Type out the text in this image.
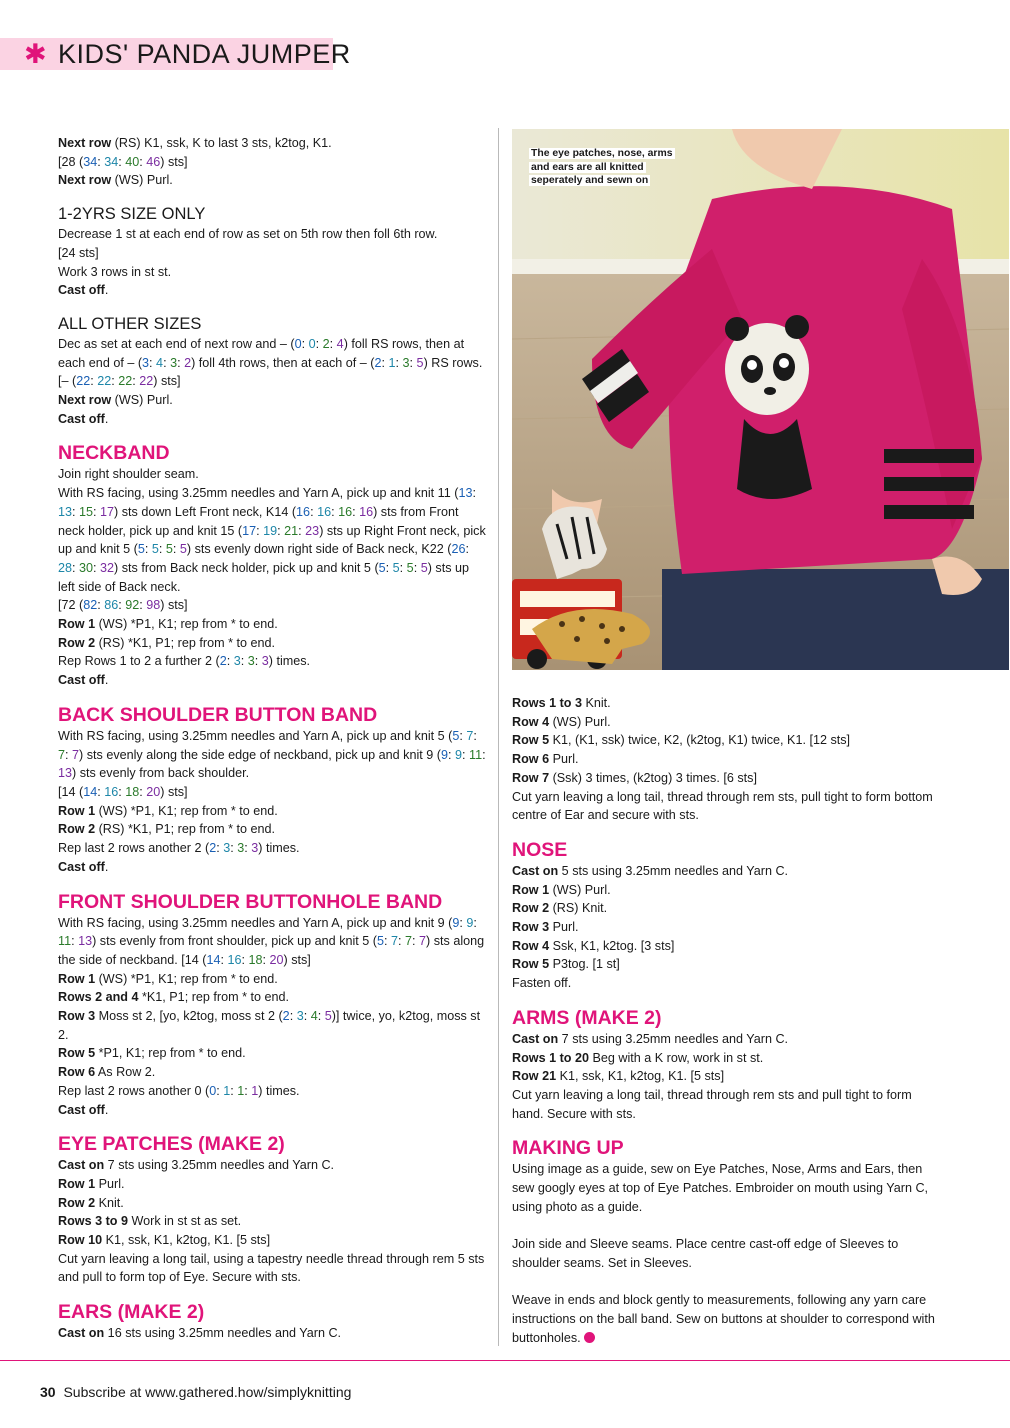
✱ KIDS' PANDA JUMPER

Next row (RS) K1, ssk, K to last 3 sts, k2tog, K1.

[28 (34: 34: 40: 46) sts]

Next row (WS) Purl.

1-2YRS SIZE ONLY

Decrease 1 st at each end of row as set on 5th row then foll 6th row.

[24 sts]

Work 3 rows in st st.

Cast off.

ALL OTHER SIZES

Dec as set at each end of next row and – (0: 0: 2: 4) foll RS rows, then at each end of – (3: 4: 3: 2) foll 4th rows, then at each of – (2: 1: 3: 5) RS rows. [– (22: 22: 22: 22) sts]

Next row (WS) Purl.

Cast off.

NECKBAND

Join right shoulder seam.

With RS facing, using 3.25mm needles and Yarn A, pick up and knit 11 (13: 13: 15: 17) sts down Left Front neck, K14 (16: 16: 16: 16) sts from Front neck holder, pick up and knit 15 (17: 19: 21: 23) sts up Right Front neck, pick up and knit 5 (5: 5: 5: 5) sts evenly down right side of Back neck, K22 (26: 28: 30: 32) sts from Back neck holder, pick up and knit 5 (5: 5: 5: 5) sts up left side of Back neck.

[72 (82: 86: 92: 98) sts]

Row 1 (WS) *P1, K1; rep from * to end.

Row 2 (RS) *K1, P1; rep from * to end.

Rep Rows 1 to 2 a further 2 (2: 3: 3: 3) times.

Cast off.

BACK SHOULDER BUTTON BAND

With RS facing, using 3.25mm needles and Yarn A, pick up and knit 5 (5: 7: 7: 7) sts evenly along the side edge of neckband, pick up and knit 9 (9: 9: 11: 13) sts evenly from back shoulder.

[14 (14: 16: 18: 20) sts]

Row 1 (WS) *P1, K1; rep from * to end.

Row 2 (RS) *K1, P1; rep from * to end.

Rep last 2 rows another 2 (2: 3: 3: 3) times.

Cast off.

FRONT SHOULDER BUTTONHOLE BAND

With RS facing, using 3.25mm needles and Yarn A, pick up and knit 9 (9: 9: 11: 13) sts evenly from front shoulder, pick up and knit 5 (5: 7: 7: 7) sts along the side of neckband. [14 (14: 16: 18: 20) sts]

Row 1 (WS) *P1, K1; rep from * to end.

Rows 2 and 4 *K1, P1; rep from * to end.

Row 3 Moss st 2, [yo, k2tog, moss st 2 (2: 3: 4: 5)] twice, yo, k2tog, moss st 2.

Row 5 *P1, K1; rep from * to end.

Row 6 As Row 2.

Rep last 2 rows another 0 (0: 1: 1: 1) times.

Cast off.

EYE PATCHES (MAKE 2)

Cast on 7 sts using 3.25mm needles and Yarn C.

Row 1 Purl.

Row 2 Knit.

Rows 3 to 9 Work in st st as set.

Row 10 K1, ssk, K1, k2tog, K1. [5 sts]

Cut yarn leaving a long tail, using a tapestry needle thread through rem 5 sts and pull to form top of Eye. Secure with sts.

EARS (MAKE 2)

Cast on 16 sts using 3.25mm needles and Yarn C.

The eye patches, nose, arms and ears are all knitted seperately and sewn on

Rows 1 to 3 Knit.

Row 4 (WS) Purl.

Row 5 K1, (K1, ssk) twice, K2, (k2tog, K1) twice, K1. [12 sts]

Row 6 Purl.

Row 7 (Ssk) 3 times, (k2tog) 3 times. [6 sts]

Cut yarn leaving a long tail, thread through rem sts, pull tight to form bottom centre of Ear and secure with sts.

NOSE

Cast on 5 sts using 3.25mm needles and Yarn C.

Row 1 (WS) Purl.

Row 2 (RS) Knit.

Row 3 Purl.

Row 4 Ssk, K1, k2tog. [3 sts]

Row 5 P3tog. [1 st]

Fasten off.

ARMS (MAKE 2)

Cast on 7 sts using 3.25mm needles and Yarn C.

Rows 1 to 20 Beg with a K row, work in st st.

Row 21 K1, ssk, K1, k2tog, K1. [5 sts]

Cut yarn leaving a long tail, thread through rem sts and pull tight to form hand. Secure with sts.

MAKING UP

Using image as a guide, sew on Eye Patches, Nose, Arms and Ears, then sew googly eyes at top of Eye Patches. Embroider on mouth using Yarn C, using photo as a guide.

Join side and Sleeve seams. Place centre cast-off edge of Sleeves to shoulder seams. Set in Sleeves.

Weave in ends and block gently to measurements, following any yarn care instructions on the ball band. Sew on buttons at shoulder to correspond with buttonholes.

30 Subscribe at www.gathered.how/simplyknitting
